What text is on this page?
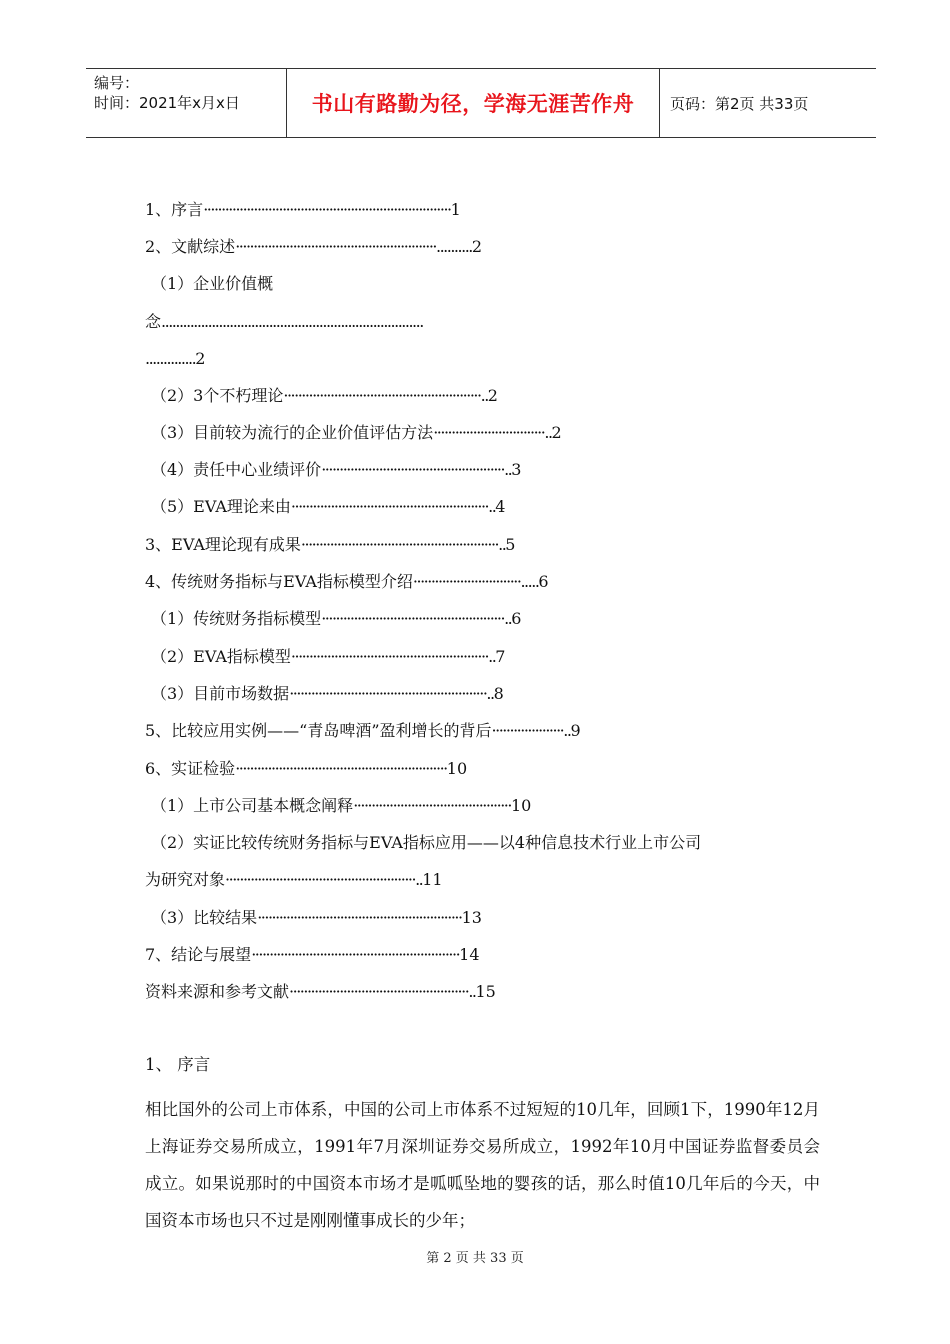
编号：
时间：2021年x月x日	书山有路勤为径，学海无涯苦作舟 页码：第2页 共33页
1、序言·····································································1
2、文献综述························································..........2
（1）企业价值概
念.........................................................................
..............2
（2）3个不朽理论·······················································..2
（3）目前较为流行的企业价值评估方法·······························..2
（4）责任中心业绩评价···················································..3
（5）EVA理论来由·······················································..4
3、EVA理论现有成果·······················································..5
4、传统财务指标与EVA指标模型介绍······························.....6
（1）传统财务指标模型···················································..6
（2）EVA指标模型·······················································..7
（3）目前市场数据·······················································..8
5、比较应用实例——“青岛啤酒”盈利增长的背后····················..9
6、实证检验···························································10
（1）上市公司基本概念阐释············································10
（2）实证比较传统财务指标与EVA指标应用——以4种信息技术行业上市公司
为研究对象·····················································..11
（3）比较结果·························································13
7、结论与展望··························································14
资料来源和参考文献··················································..15
1、 序言

相比国外的公司上市体系，中国的公司上市体系不过短短的10几年，回顾1下，1990年12月上海证券交易所成立，1991年7月深圳证券交易所成立，1992年10月中国证券监督委员会成立。如果说那时的中国资本市场才是呱呱坠地的婴孩的话，那么时值10几年后的今天，中国资本市场也只不过是刚刚懂事成长的少年；

第 2 页 共 33 页
